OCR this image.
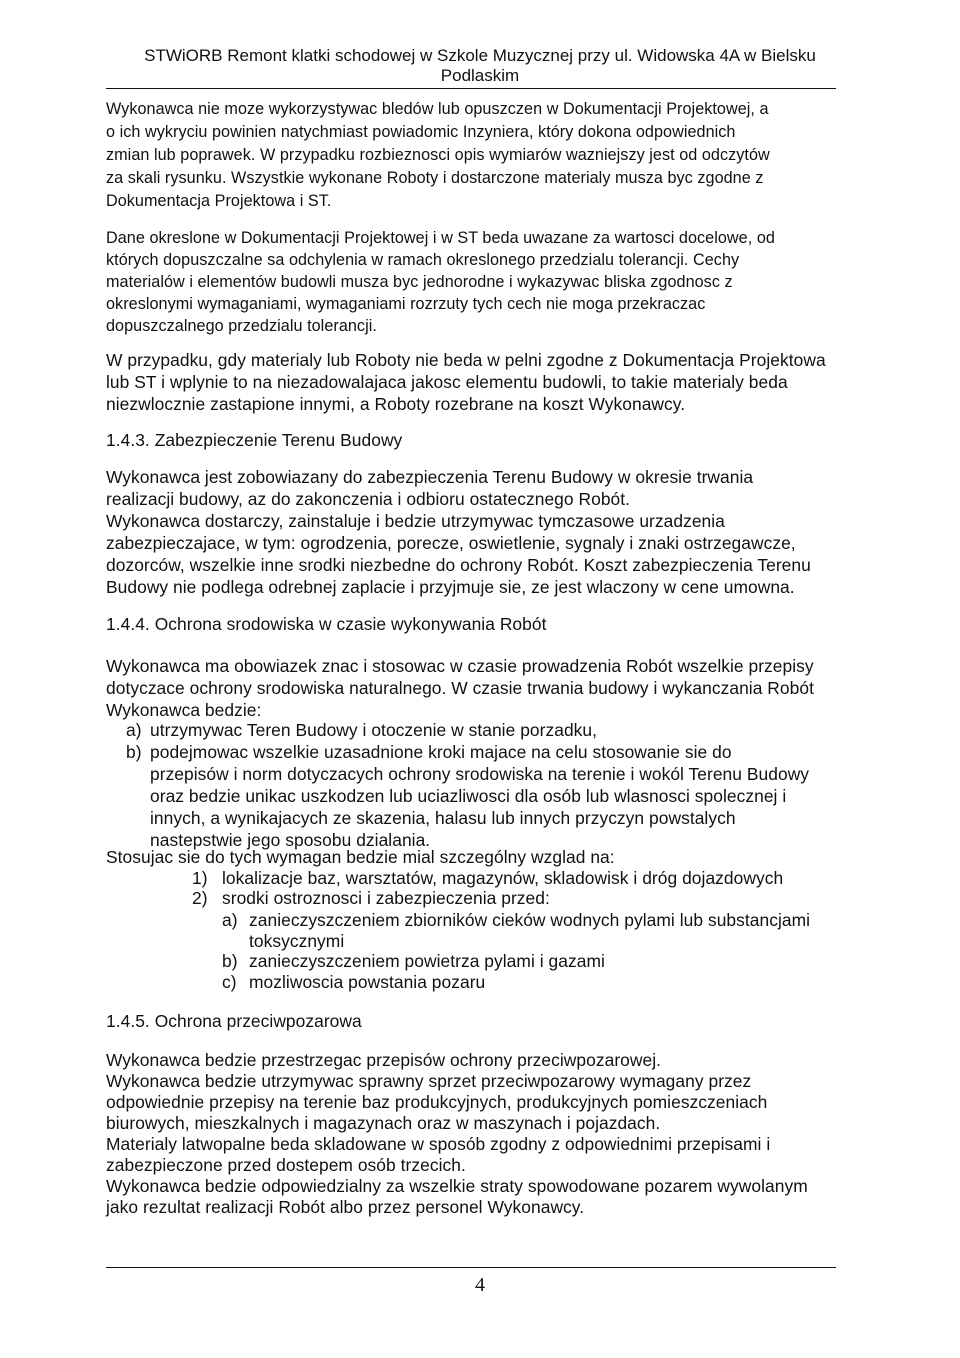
STWiORB Remont klatki schodowej w Szkole Muzycznej przy ul. Widowska 4A w Bielsku
Podlaskim
Wykonawca nie moze wykorzystywac bledów lub opuszczen w Dokumentacji Projektowej, a
o ich wykryciu powinien natychmiast powiadomic Inzyniera, który dokona odpowiednich
zmian lub poprawek. W przypadku rozbieznosci opis wymiarów wazniejszy jest od odczytów
za skali rysunku. Wszystkie wykonane Roboty i dostarczone materialy musza byc zgodne z
Dokumentacja Projektowa i ST.
Dane okreslone w Dokumentacji Projektowej i w ST beda uwazane za wartosci docelowe, od
których dopuszczalne sa odchylenia w ramach okreslonego przedzialu tolerancji. Cechy
materialów i elementów budowli musza byc jednorodne i wykazywac bliska zgodnosc z
okreslonymi wymaganiami, wymaganiami rozrzuty tych cech nie moga przekraczac
dopuszczalnego przedzialu tolerancji.
W przypadku, gdy materialy lub Roboty nie beda w pelni zgodne z Dokumentacja Projektowa
lub ST i wplynie to na niezadowalajaca jakosc elementu budowli, to takie materialy beda
niezwlocznie zastapione innymi, a Roboty rozebrane na koszt Wykonawcy.
1.4.3. Zabezpieczenie Terenu Budowy
Wykonawca jest zobowiazany do zabezpieczenia Terenu Budowy w okresie trwania
realizacji budowy, az do zakonczenia i odbioru ostatecznego Robót.
Wykonawca dostarczy, zainstaluje i bedzie utrzymywac tymczasowe urzadzenia
zabezpieczajace, w tym: ogrodzenia, porecze, oswietlenie, sygnaly i znaki ostrzegawcze,
dozorców, wszelkie inne srodki niezbedne do ochrony Robót. Koszt zabezpieczenia Terenu
Budowy nie podlega odrebnej zaplacie i przyjmuje sie, ze jest wlaczony w cene umowna.
1.4.4. Ochrona srodowiska w czasie wykonywania Robót
Wykonawca ma obowiazek znac i stosowac w czasie prowadzenia Robót wszelkie przepisy
dotyczace ochrony srodowiska naturalnego. W czasie trwania budowy i wykanczania Robót
Wykonawca bedzie:
a) utrzymywac Teren Budowy i otoczenie w stanie porzadku,
b) podejmowac wszelkie uzasadnione kroki majace na celu stosowanie sie do
przepisów i norm dotyczacych ochrony srodowiska na terenie i wokól Terenu Budowy
oraz bedzie unikac uszkodzen lub uciazliwosci dla osób lub wlasnosci spolecznej i
innych, a wynikajacych ze skazenia, halasu lub innych przyczyn powstalych
nastepstwie jego sposobu dzialania.
Stosujac sie do tych wymagan bedzie mial szczególny wzglad na:
1) lokalizacje baz, warsztatów, magazynów, skladowisk i dróg dojazdowych
2) srodki ostroznosci i zabezpieczenia przed:
a) zanieczyszczeniem zbiorników cieków wodnych pylami lub substancjami
toksycznymi
b) zanieczyszczeniem powietrza pylami i gazami
c) mozliwoscia powstania pozaru
1.4.5. Ochrona przeciwpozarowa
Wykonawca bedzie przestrzegac przepisów ochrony przeciwpozarowej.
Wykonawca bedzie utrzymywac sprawny sprzet przeciwpozarowy wymagany przez
odpowiednie przepisy na terenie baz produkcyjnych, produkcyjnych pomieszczeniach
biurowych, mieszkalnych i magazynach oraz w maszynach i pojazdach.
Materialy latwopalne beda skladowane w sposób zgodny z odpowiednimi przepisami i
zabezpieczone przed dostepem osób trzecich.
Wykonawca bedzie odpowiedzialny za wszelkie straty spowodowane pozarem wywolanym
jako rezultat realizacji Robót albo przez personel Wykonawcy.
4
